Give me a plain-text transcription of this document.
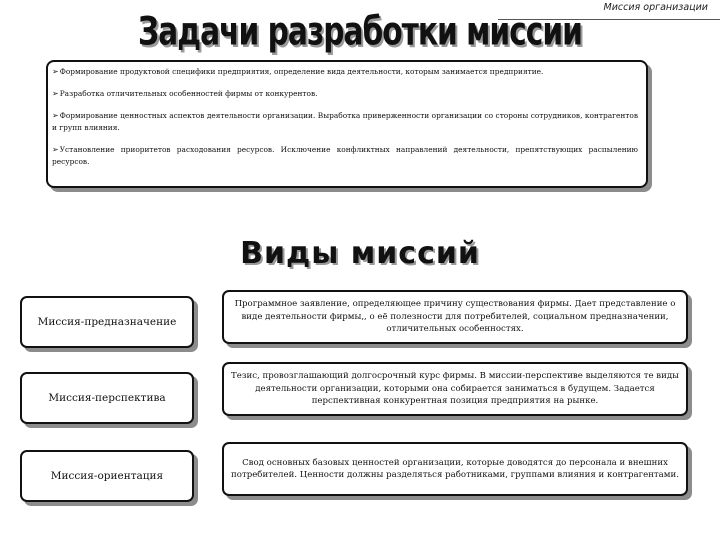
Миссия организации
Задачи разработки миссии
➢Формирование продуктовой специфики предприятия, определение вида деятельности, которым занимается предприятие.
➢Разработка отличительных особенностей фирмы от конкурентов.
➢Формирование ценностных аспектов деятельности организации. Выработка приверженности организации со стороны сотрудников, контрагентов и групп влияния.
➢Установление приоритетов расходования ресурсов. Исключение конфликтных направлений деятельности, препятствующих распылению ресурсов.
Виды миссий
Миссия-предназначение
Программное заявление, определяющее причину существования фирмы. Дает представление о виде деятельности фирмы,, о её полезности для потребителей, социальном предназначении, отличительных особенностях.
Миссия-перспектива
Тезис, провозглашающий долгосрочный курс фирмы. В миссии-перспективе выделяются те виды деятельности организации, которыми она собирается заниматься в будущем. Задается перспективная конкурентная позиция предприятия на рынке.
Миссия-ориентация
Свод основных базовых ценностей организации, которые доводятся до персонала и внешних потребителей. Ценности должны разделяться работниками, группами влияния и контрагентами.
